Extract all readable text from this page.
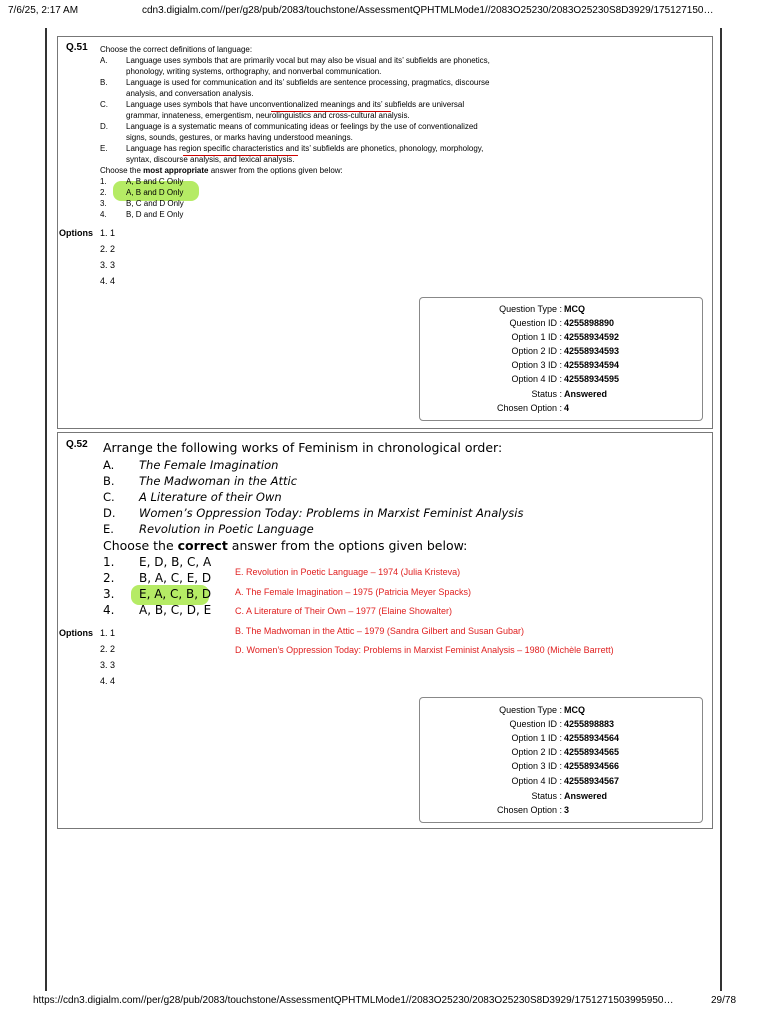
7/6/25, 2:17 AM	cdn3.digialm.com//per/g28/pub/2083/touchstone/AssessmentQPHTMLMode1//2083O25230/2083O25230S8D3929/175127150…
Q.51 Choose the correct definitions of language:
A. Language uses symbols that are primarily vocal but may also be visual and its’ subfields are phonetics,
phonology, writing systems, orthography, and nonverbal communication.
B. Language is used for communication and its’ subfields are sentence processing, pragmatics, discourse
analysis, and conversation analysis.
C. Language uses symbols that have unconventionalized meanings and its’ subfields are universal
grammar, innateness, emergentism, neurolinguistics and cross-cultural analysis.
D. Language is a systematic means of communicating ideas or feelings by the use of conventionalized
signs, sounds, gestures, or marks having understood meanings.
E. Language has region specific characteristics and its’ subfields are phonetics, phonology, morphology,
syntax, discourse analysis, and lexical analysis.
Choose the most appropriate answer from the options given below:
1. A, B and C Only
2. A, B and D Only
3. B, C and D Only
4. B, D and E Only
Options 1. 1
2. 2
3. 3
4. 4
Question Type : MCQ
Question ID : 4255898890
Option 1 ID : 42558934592
Option 2 ID : 42558934593
Option 3 ID : 42558934594
Option 4 ID : 42558934595
Status : Answered
Chosen Option : 4
Q.52 Arrange the following works of Feminism in chronological order:
A. The Female Imagination
B. The Madwoman in the Attic
C. A Literature of their Own
D. Women’s Oppression Today: Problems in Marxist Feminist Analysis
E. Revolution in Poetic Language
Choose the correct answer from the options given below:
1. E, D, B, C, A
2. B, A, C, E, D
3. E, A, C, B, D
4. A, B, C, D, E
E. Revolution in Poetic Language – 1974 (Julia Kristeva)
A. The Female Imagination – 1975 (Patricia Meyer Spacks)
C. A Literature of Their Own – 1977 (Elaine Showalter)
B. The Madwoman in the Attic – 1979 (Sandra Gilbert and Susan Gubar)
D. Women’s Oppression Today: Problems in Marxist Feminist Analysis – 1980 (Michèle Barrett)
Options 1. 1
2. 2
3. 3
4. 4
Question Type : MCQ
Question ID : 4255898883
Option 1 ID : 42558934564
Option 2 ID : 42558934565
Option 3 ID : 42558934566
Option 4 ID : 42558934567
Status : Answered
Chosen Option : 3
https://cdn3.digialm.com//per/g28/pub/2083/touchstone/AssessmentQPHTMLMode1//2083O25230/2083O25230S8D3929/1751271503995950…	29/78
